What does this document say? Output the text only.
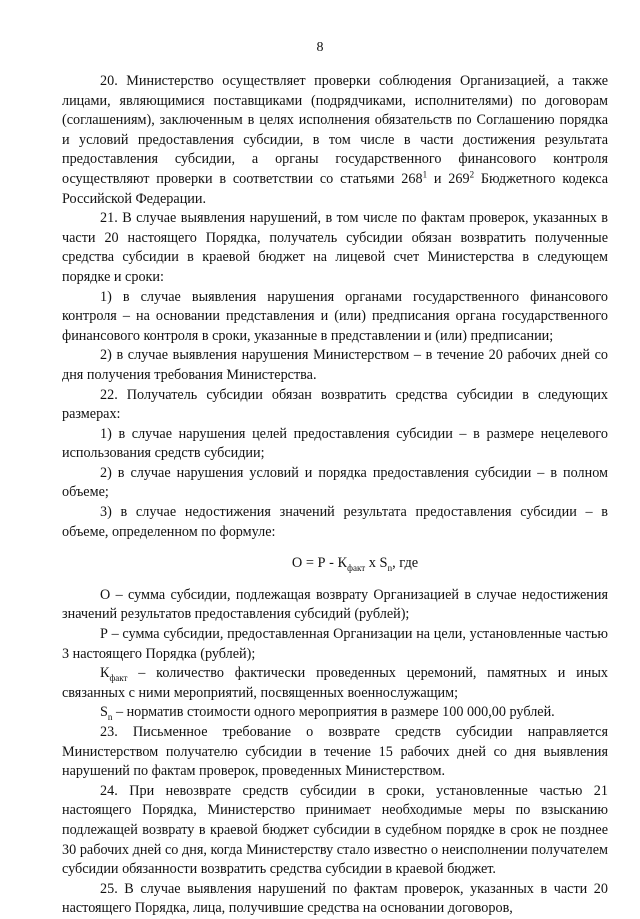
8

20. Министерство осуществляет проверки соблюдения Организацией, а также лицами, являющимися поставщиками (подрядчиками, исполнителями) по договорам (соглашениям), заключенным в целях исполнения обязательств по Соглашению порядка и условий предоставления субсидии, в том числе в части достижения результата предоставления субсидии, а органы государственного финансового контроля осуществляют проверки в соответствии со статьями $268^1$ и $269^2$ Бюджетного кодекса Российской Федерации.

21. В случае выявления нарушений, в том числе по фактам проверок, указанных в части 20 настоящего Порядка, получатель субсидии обязан возвратить полученные средства субсидии в краевой бюджет на лицевой счет Министерства в следующем порядке и сроки:

1) в случае выявления нарушения органами государственного финансового контроля – на основании представления и (или) предписания органа государственного финансового контроля в сроки, указанные в представлении и (или) предписании;

2) в случае выявления нарушения Министерством – в течение 20 рабочих дней со дня получения требования Министерства.

22. Получатель субсидии обязан возвратить средства субсидии в следующих размерах:

1) в случае нарушения целей предоставления субсидии – в размере нецелевого использования средств субсидии;

2) в случае нарушения условий и порядка предоставления субсидии – в полном объеме;

3) в случае недостижения значений результата предоставления субсидии – в объеме, определенном по формуле:

$О = Р - К_{факт}$ x $S_n$, где

О – сумма субсидии, подлежащая возврату Организацией в случае недостижения значений результатов предоставления субсидий (рублей);

Р – сумма субсидии, предоставленная Организации на цели, установленные частью 3 настоящего Порядка (рублей);

$К_{факт}$ – количество фактически проведенных церемоний, памятных и иных связанных с ними мероприятий, посвященных военнослужащим;

$S_n$ – норматив стоимости одного мероприятия в размере 100 000,00 рублей.

23. Письменное требование о возврате средств субсидии направляется Министерством получателю субсидии в течение 15 рабочих дней со дня выявления нарушений по фактам проверок, проведенных Министерством.

24. При невозврате средств субсидии в сроки, установленные частью 21 настоящего Порядка, Министерство принимает необходимые меры по взысканию подлежащей возврату в краевой бюджет субсидии в судебном порядке в срок не позднее 30 рабочих дней со дня, когда Министерству стало известно о неисполнении получателем субсидии обязанности возвратить средства субсидии в краевой бюджет.

25. В случае выявления нарушений по фактам проверок, указанных в части 20 настоящего Порядка, лица, получившие средства на основании договоров,
